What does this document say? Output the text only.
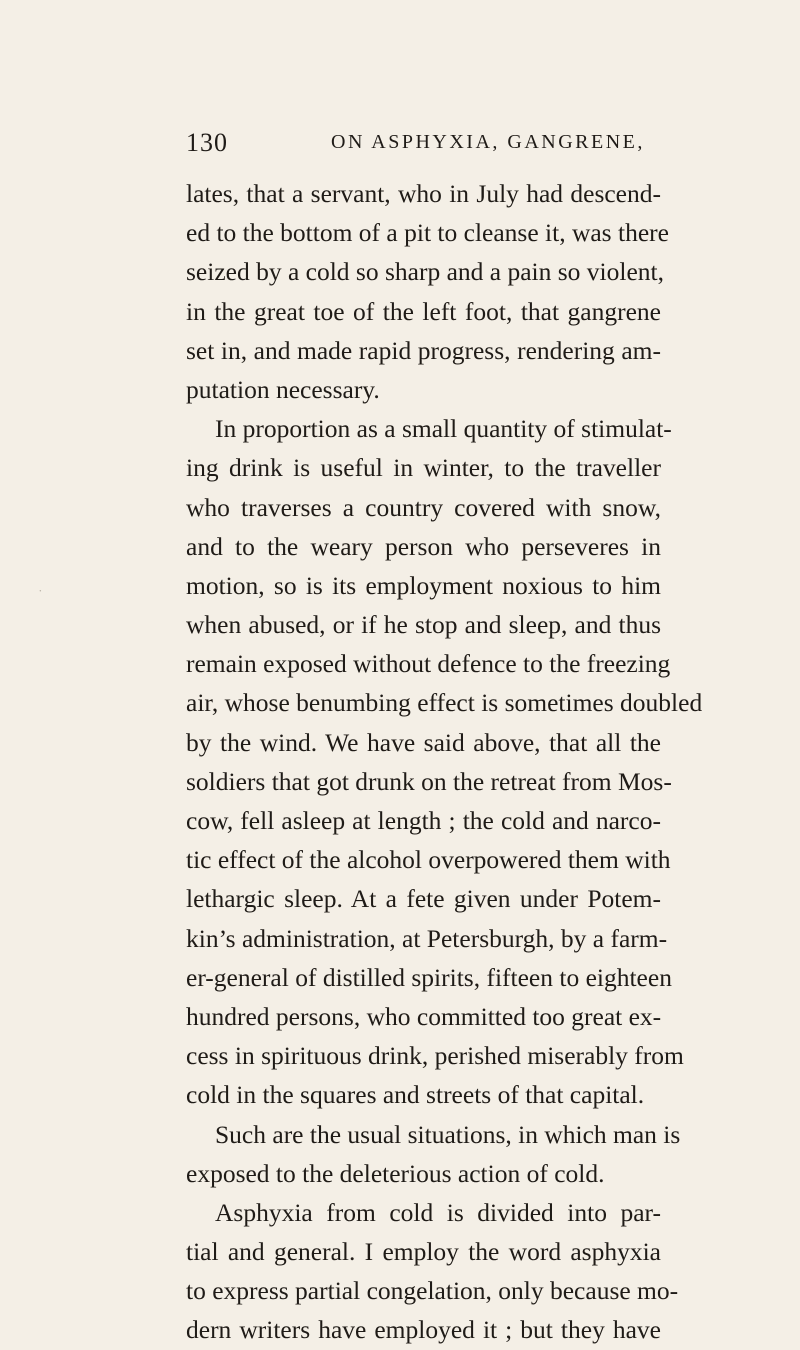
130	ON ASPHYXIA, GANGRENE,
lates, that a servant, who in July had descend-
ed to the bottom of a pit to cleanse it, was there
seized by a cold so sharp and a pain so violent,
in the great toe of the left foot, that gangrene
set in, and made rapid progress, rendering am-
putation necessary.
In proportion as a small quantity of stimulat-
ing drink is useful in winter, to the traveller
who traverses a country covered with snow,
and to the weary person who perseveres in
motion, so is its employment noxious to him
when abused, or if he stop and sleep, and thus
remain exposed without defence to the freezing
air, whose benumbing effect is sometimes doubled
by the wind. We have said above, that all the
soldiers that got drunk on the retreat from Mos-
cow, fell asleep at length ; the cold and narco-
tic effect of the alcohol overpowered them with
lethargic sleep. At a fete given under Potem-
kin’s administration, at Petersburgh, by a farm-
er-general of distilled spirits, fifteen to eighteen
hundred persons, who committed too great ex-
cess in spirituous drink, perished miserably from
cold in the squares and streets of that capital.
Such are the usual situations, in which man is
exposed to the deleterious action of cold.
Asphyxia from cold is divided into par-
tial and general. I employ the word asphyxia
to express partial congelation, only because mo-
dern writers have employed it ; but they have
˙
